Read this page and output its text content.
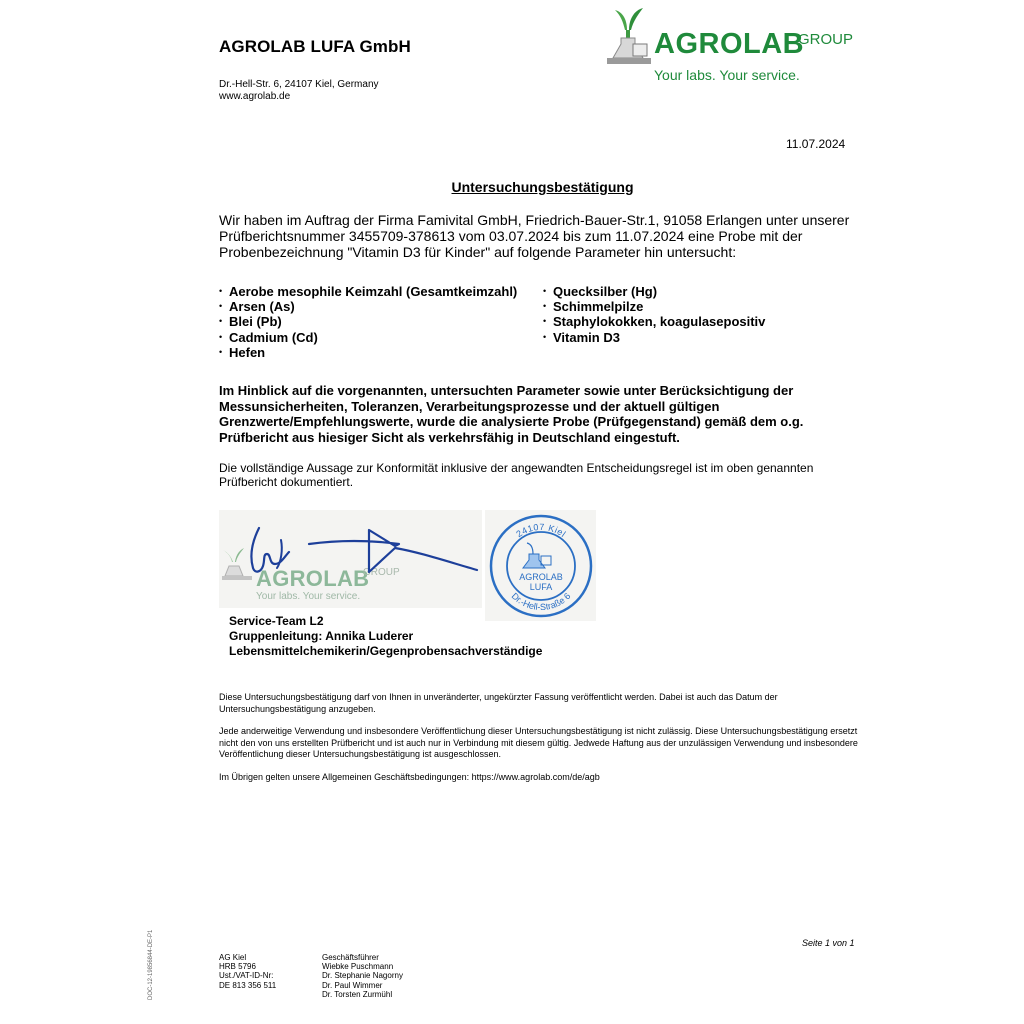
AGROLAB LUFA GmbH
Dr.-Hell-Str. 6, 24107 Kiel, Germany
www.agrolab.de
AGROLAB
GROUP
Your labs. Your service.
11.07.2024
Untersuchungsbestätigung
Wir haben im Auftrag der Firma Famivital GmbH, Friedrich-Bauer-Str.1, 91058 Erlangen unter unserer Prüfberichtsnummer 3455709-378613 vom 03.07.2024 bis zum 11.07.2024 eine Probe mit der Probenbezeichnung "Vitamin D3 für Kinder" auf folgende Parameter hin untersucht:
• Aerobe mesophile Keimzahl (Gesamtkeimzahl)
• Arsen (As)
• Blei (Pb)
• Cadmium (Cd)
• Hefen
• Quecksilber (Hg)
• Schimmelpilze
• Staphylokokken, koagulasepositiv
• Vitamin D3
Im Hinblick auf die vorgenannten, untersuchten Parameter sowie unter Berücksichtigung der Messunsicherheiten, Toleranzen, Verarbeitungsprozesse und der aktuell gültigen Grenzwerte/Empfehlungswerte, wurde die analysierte Probe (Prüfgegenstand) gemäß dem o.g. Prüfbericht aus hiesiger Sicht als verkehrsfähig in Deutschland eingestuft.
Die vollständige Aussage zur Konformität inklusive der angewandten Entscheidungsregel ist im oben genannten Prüfbericht dokumentiert.
AGROLAB
GROUP
Your labs. Your service.
24107 Kiel
Dr.-Hell-Straße 6
AGROLAB
LUFA
Service-Team L2
Gruppenleitung: Annika Luderer
Lebensmittelchemikerin/Gegenprobensachverständige
Diese Untersuchungsbestätigung darf von Ihnen in unveränderter, ungekürzter Fassung veröffentlicht werden. Dabei ist auch das Datum der Untersuchungsbestätigung anzugeben.
Jede anderweitige Verwendung und insbesondere Veröffentlichung dieser Untersuchungsbestätigung ist nicht zulässig. Diese Untersuchungsbestätigung ersetzt nicht den von uns erstellten Prüfbericht und ist auch nur in Verbindung mit diesem gültig. Jedwede Haftung aus der unzulässigen Verwendung und insbesondere Veröffentlichung dieser Untersuchungsbestätigung ist ausgeschlossen.
Im Übrigen gelten unsere Allgemeinen Geschäftsbedingungen: https://www.agrolab.com/de/agb
Seite 1 von 1
AG Kiel
HRB 5796
Ust./VAT-ID-Nr:
DE 813 356 511
Geschäftsführer
Wiebke Puschmann
Dr. Stephanie Nagorny
Dr. Paul Wimmer
Dr. Torsten Zurmühl
DOC-12-19856844-DE-P1
